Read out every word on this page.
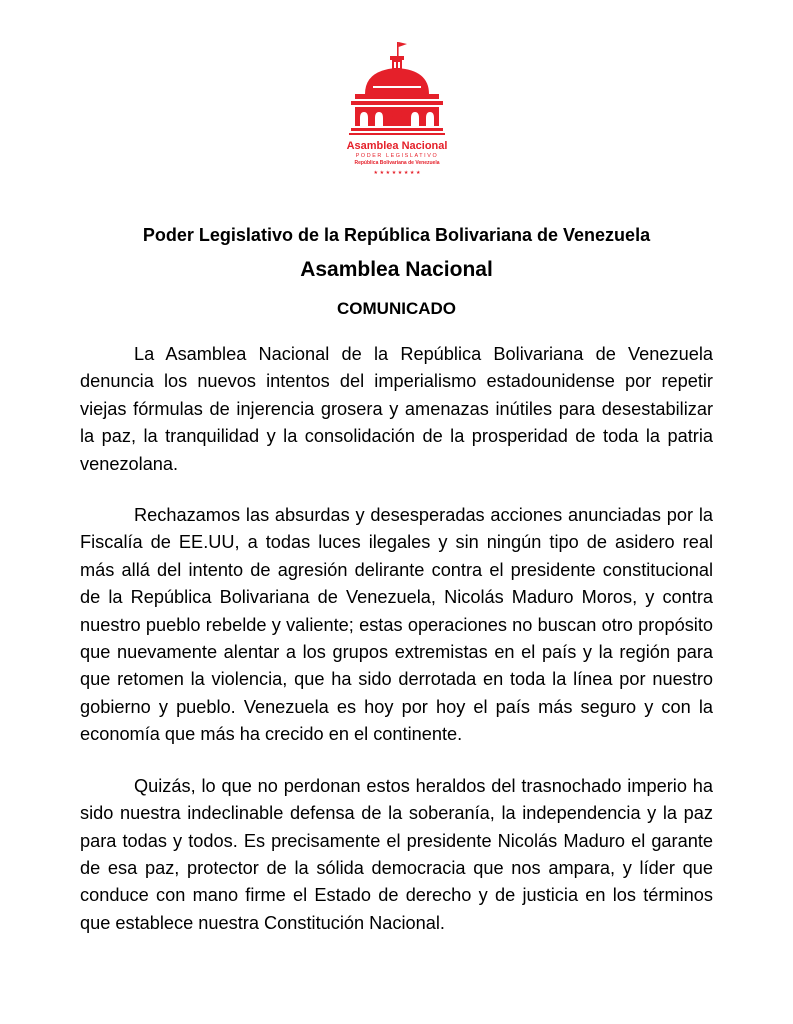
Asamblea Nacional
PODER LEGISLATIVO
República Bolivariana de Venezuela
★ ★ ★ ★ ★ ★ ★ ★
Poder Legislativo de la República Bolivariana de Venezuela
Asamblea Nacional
COMUNICADO

La Asamblea Nacional de la República Bolivariana de Venezuela denuncia los nuevos intentos del imperialismo estadounidense por repetir viejas fórmulas de injerencia grosera y amenazas inútiles para desestabilizar la paz, la tranquilidad y la consolidación de la prosperidad de toda la patria venezolana.

Rechazamos las absurdas y desesperadas acciones anunciadas por la Fiscalía de EE.UU, a todas luces ilegales y sin ningún tipo de asidero real más allá del intento de agresión delirante contra el presidente constitucional de la República Bolivariana de Venezuela, Nicolás Maduro Moros, y contra nuestro pueblo rebelde y valiente; estas operaciones no buscan otro propósito que nuevamente alentar a los grupos extremistas en el país y la región para que retomen la violencia, que ha sido derrotada en toda la línea por nuestro gobierno y pueblo. Venezuela es hoy por hoy el país más seguro y con la economía que más ha crecido en el continente.

Quizás, lo que no perdonan estos heraldos del trasnochado imperio ha sido nuestra indeclinable defensa de la soberanía, la independencia y la paz para todas y todos. Es precisamente el presidente Nicolás Maduro el garante de esa paz, protector de la sólida democracia que nos ampara, y líder que conduce con mano firme el Estado de derecho y de justicia en los términos que establece nuestra Constitución Nacional.
